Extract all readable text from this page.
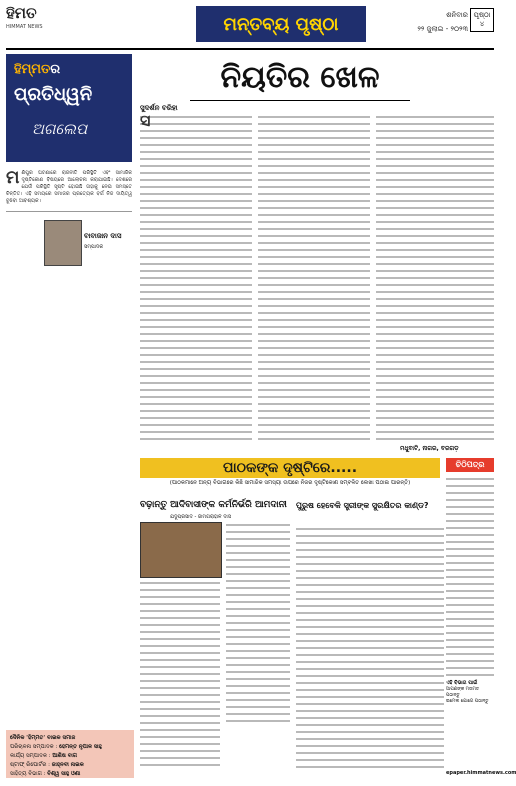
ହିମତ
HIMMAT NEWS	ମନ୍ତବ୍ୟ ପୃଷ୍ଠା	ଶନିବାର
୨୨ ଜୁଲାଇ - ୨୦୨୩
ପୃଷ୍ଠା
୪
ହିମ୍ମତର
ପ୍ରତିଧ୍ୱନି
ଅଗଲେପ
ମ ଣିପୁର ଘଟଣାରେ ରାଜନୀତି ପରିସ୍ଥିତି ଏବଂ ସାମାଜିକ ଦୃଷ୍ଟିକୋଣ ବିଷୟରେ ଆଲୋଚନା କରାଯାଇଛି। ଦେଶରେ ଯେଉଁ ପରିସ୍ଥିତି ସୃଷ୍ଟି ହୋଇଛି ତାହାକୁ ନେଇ ସମସ୍ତେ ଚିନ୍ତିତ। ଏହି ସମୟରେ ସମାଜର ପ୍ରତ୍ୟେକ ବର୍ଗ ନିଜ ଦାୟିତ୍ୱ ବୁଝିବା ଆବଶ୍ୟକ।
ବାବାଜାନ ଦାସ
ସମ୍ପାଦକ
ନିୟତିର ଖେଳ
ସୁଦର୍ଶନ ବରିହା
ସ
ମଧୁବାଟି, ନାଗର, ବରଗଡ଼
ପାଠକଙ୍କ ଦୃଷ୍ଟିରେ.....
(ପାଠକମାନେ ଅନ୍ୟ ବିଭାଗରେ କିଛି ସାମାଜିକ ସମସ୍ୟା ଉପରେ ନିଜର ଦୃଷ୍ଟିକୋଣ ସମ୍ବଳିତ ଲେଖା ପଠାଇ ପାରନ୍ତି)
ବଢ଼ାନ୍ତୁ ଆଦିବାସୀଙ୍କ କର୍ମନିର୍ଭରି ଆମଦାନୀ
ଯଦୁପ୍ରସାଦ - ଜାମଗରାହାଳ ଦାସ
ପୁରୁଷ ହେବେକି ସ୍ତ୍ରୀଙ୍କ ସୁରକ୍ଷିତର କାଣ୍ଡ?
ଚିଠିପତ୍ର
ଏହି ବିଭାଗ ପାଇଁ
ଆପଣଙ୍କ ମତାମତ ପଠାନ୍ତୁ
ଇମେଲ ଯୋଗେ ପଠାନ୍ତୁ
epaper.himmatnews.com
ଦୈନିକ 'ହିମ୍ମତ' ବାଇକ ସମାଜ
ପରିଚାଳନା ସମ୍ପାଦକ : ହେମନ୍ତ ନୃପାଳ ସାହୁ
କାର୍ଯ୍ୟ ସମ୍ପାଦକ : ଆଶିଷ ବାଗ
ଷ୍ଟାଫ୍ ରିପୋର୍ଟର : ଜାହ୍ନବୀ ନାଇକ
ସାହିତ୍ୟ ବିଭାଗ : ବିଶ୍ୱ ସାହୁ ଓଣା
